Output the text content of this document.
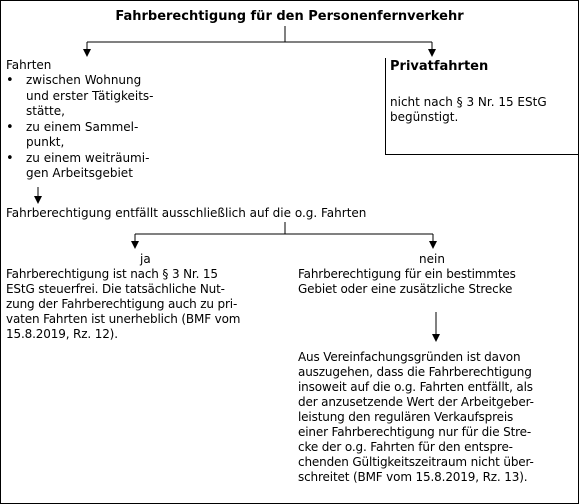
Fahrberechtigung für den Personenfernverkehr
Fahrten
• zwischen Wohnung
und erster Tätigkeits-
stätte,
• zu einem Sammel-
punkt,
• zu einem weiträumi-
gen Arbeitsgebiet
Privatfahrten
nicht nach § 3 Nr. 15 EStG
begünstigt.
Fahrberechtigung entfällt ausschließlich auf die o.g. Fahrten
ja
Fahrberechtigung ist nach § 3 Nr. 15
EStG steuerfrei. Die tatsächliche Nut-
zung der Fahrberechtigung auch zu pri-
vaten Fahrten ist unerheblich (BMF vom
15.8.2019, Rz. 12).
nein
Fahrberechtigung für ein bestimmtes
Gebiet oder eine zusätzliche Strecke
Aus Vereinfachungsgründen ist davon
auszugehen, dass die Fahrberechtigung
insoweit auf die o.g. Fahrten entfällt, als
der anzusetzende Wert der Arbeitgeber-
leistung den regulären Verkaufspreis
einer Fahrberechtigung nur für die Stre-
cke der o.g. Fahrten für den entspre-
chenden Gültigkeitszeitraum nicht über-
schreitet (BMF vom 15.8.2019, Rz. 13).
